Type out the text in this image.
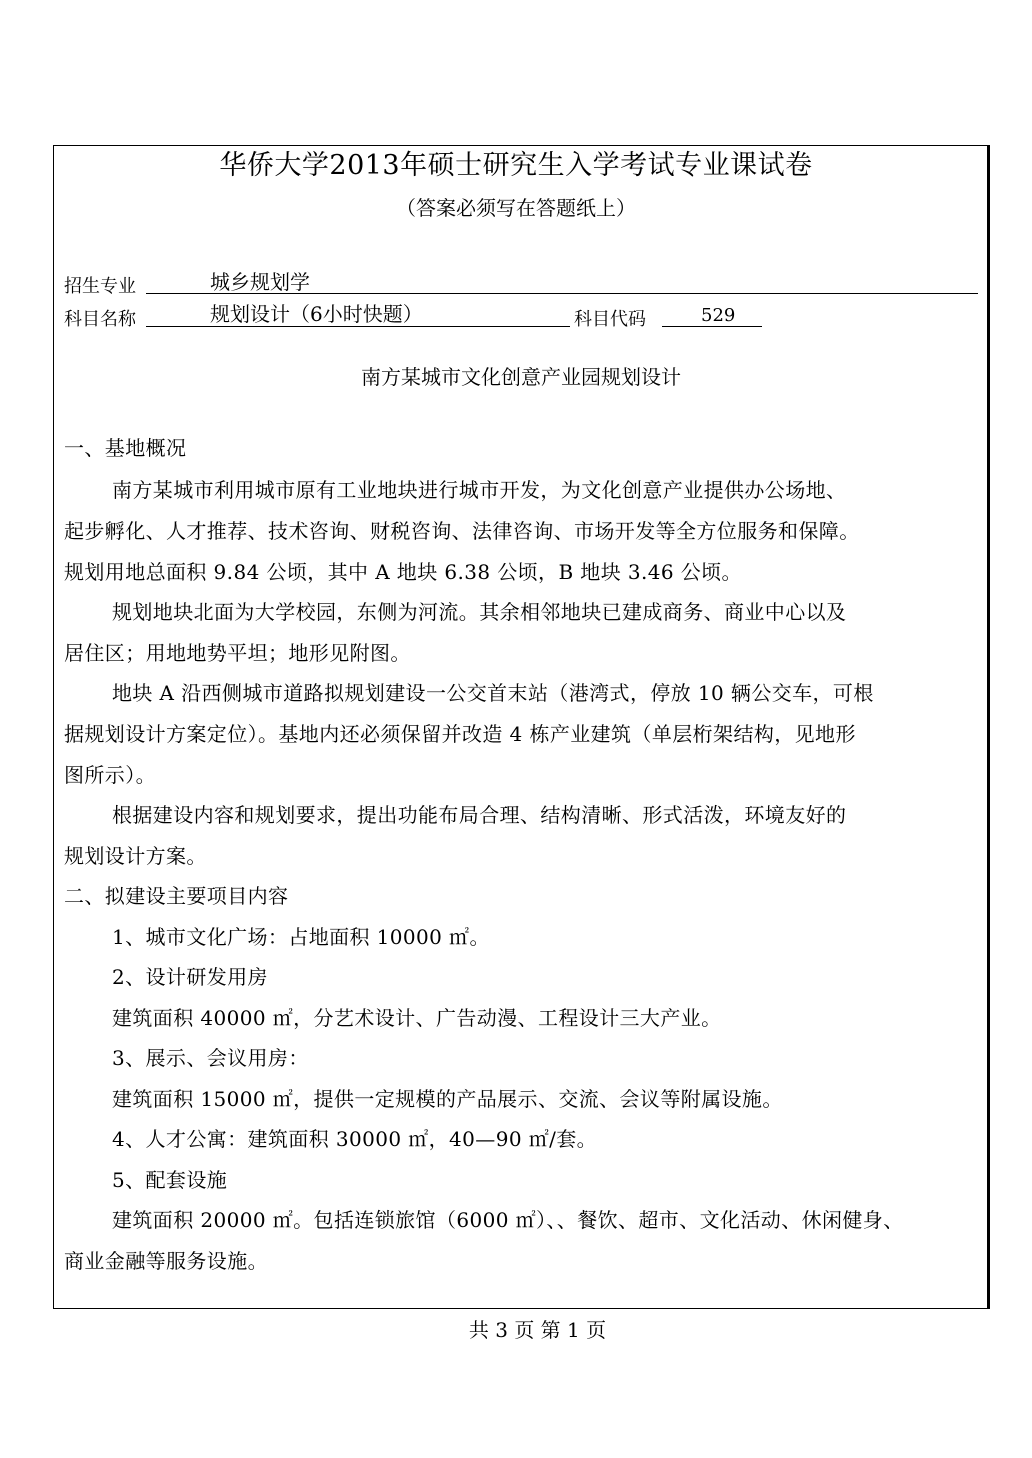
华侨大学2013年硕士研究生入学考试专业课试卷
（答案必须写在答题纸上）
招生专业	城乡规划学
科目名称	规划设计（6小时快题）	科目代码	529
南方某城市文化创意产业园规划设计
一、基地概况
南方某城市利用城市原有工业地块进行城市开发，为文化创意产业提供办公场地、
起步孵化、人才推荐、技术咨询、财税咨询、法律咨询、市场开发等全方位服务和保障。
规划用地总面积 9.84 公顷，其中 A 地块 6.38 公顷，B 地块 3.46 公顷。
规划地块北面为大学校园，东侧为河流。其余相邻地块已建成商务、商业中心以及
居住区；用地地势平坦；地形见附图。
地块 A 沿西侧城市道路拟规划建设一公交首末站（港湾式，停放 10 辆公交车，可根
据规划设计方案定位）。基地内还必须保留并改造 4 栋产业建筑（单层桁架结构，见地形
图所示）。
根据建设内容和规划要求，提出功能布局合理、结构清晰、形式活泼，环境友好的
规划设计方案。
二、拟建设主要项目内容
1、城市文化广场：占地面积 10000 ㎡。
2、设计研发用房
建筑面积 40000 ㎡，分艺术设计、广告动漫、工程设计三大产业。
3、展示、会议用房：
建筑面积 15000 ㎡，提供一定规模的产品展示、交流、会议等附属设施。
4、人才公寓：建筑面积 30000 ㎡，40—90 ㎡/套。
5、配套设施
建筑面积 20000 ㎡。包括连锁旅馆（6000 ㎡）、、餐饮、超市、文化活动、休闲健身、
商业金融等服务设施。
共 3 页 第 1 页
